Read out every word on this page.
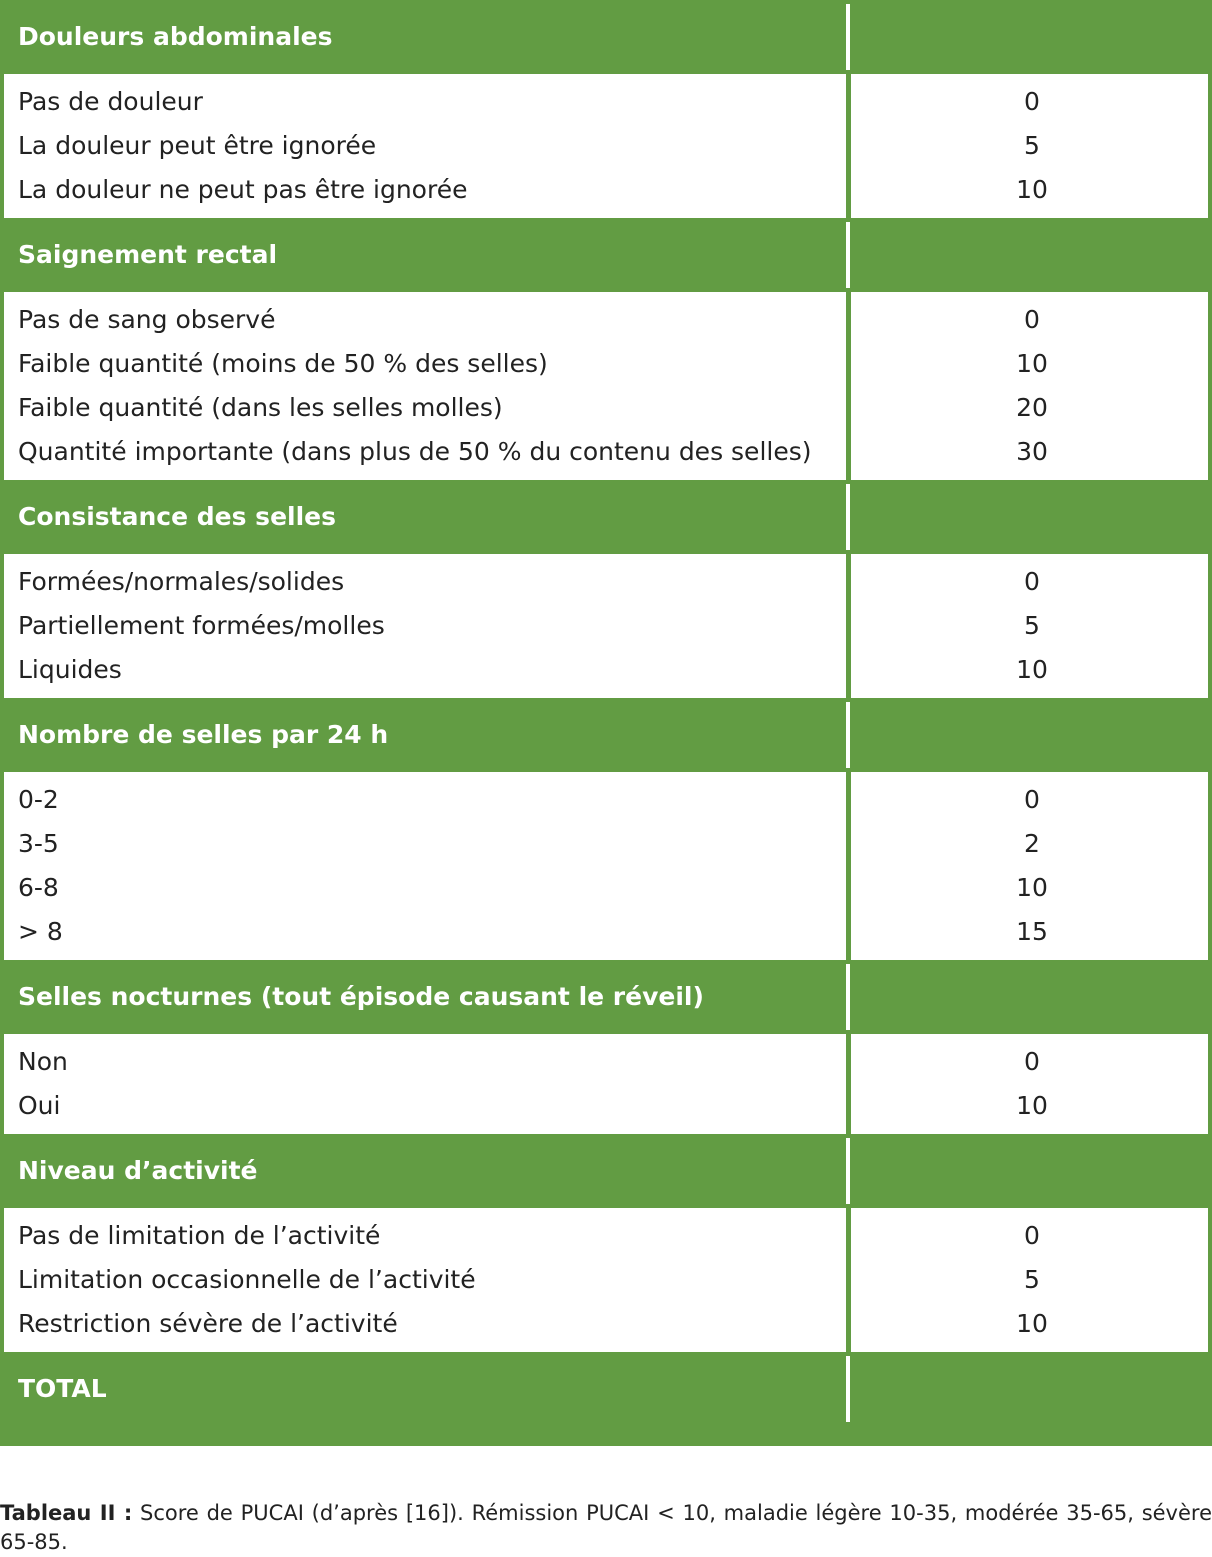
Douleurs abdominales
Pas de douleur	0
La douleur peut être ignorée	5
La douleur ne peut pas être ignorée	10
Saignement rectal
Pas de sang observé	0
Faible quantité (moins de 50 % des selles)	10
Faible quantité (dans les selles molles)	20
Quantité importante (dans plus de 50 % du contenu des selles)	30
Consistance des selles
Formées/normales/solides	0
Partiellement formées/molles	5
Liquides	10
Nombre de selles par 24 h
0-2	0
3-5	2
6-8	10
> 8	15
Selles nocturnes (tout épisode causant le réveil)
Non	0
Oui	10
Niveau d’activité
Pas de limitation de l’activité	0
Limitation occasionnelle de l’activité	5
Restriction sévère de l’activité	10
TOTAL

Tableau II : Score de PUCAI (d’après [16]). Rémission PUCAI < 10, maladie légère 10-35, modérée 35-65, sévère 65-85.
